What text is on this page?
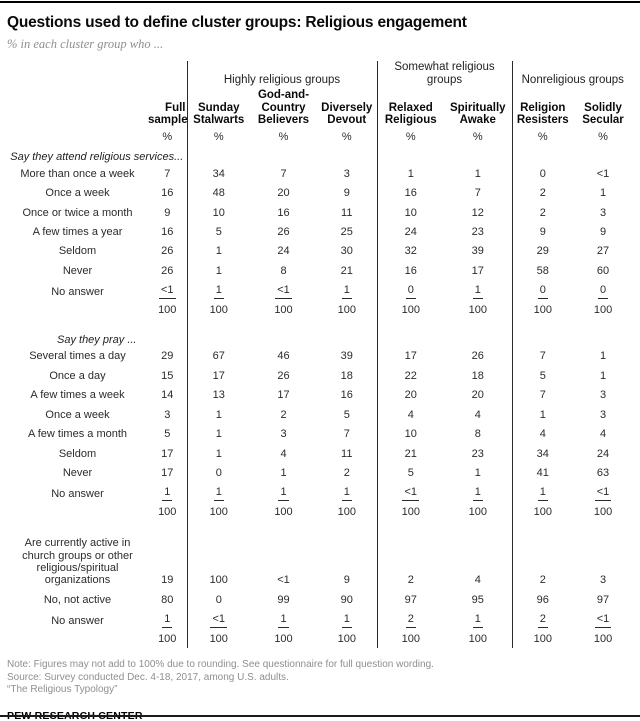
Questions used to define cluster groups: Religious engagement
% in each cluster group who ...
		Highly religious groups			Somewhat religious groups		Nonreligious groups	
	Full sample	Sunday Stalwarts	God-and-Country Believers	Diversely Devout	Relaxed Religious	Spiritually Awake	Religion Resisters	Solidly Secular
	%	%	%	%	%	%	%	%
Say they attend religious services...								
More than once a week	7	34	7	3	1	1	0	<1
Once a week	16	48	20	9	16	7	2	1
Once or twice a month	9	10	16	11	10	12	2	3
A few times a year	16	5	26	25	24	23	9	9
Seldom	26	1	24	30	32	39	29	27
Never	26	1	8	21	16	17	58	60
No answer	<1	1	<1	1	0	1	0	0
	100	100	100	100	100	100	100	100

Say they pray ...								
Several times a day	29	67	46	39	17	26	7	1
Once a day	15	17	26	18	22	18	5	1
A few times a week	14	13	17	16	20	20	7	3
Once a week	3	1	2	5	4	4	1	3
A few times a month	5	1	3	7	10	8	4	4
Seldom	17	1	4	11	21	23	34	24
Never	17	0	1	2	5	1	41	63
No answer	1	1	1	1	<1	1	1	<1
	100	100	100	100	100	100	100	100

Are currently active in church groups or other religious/spiritual organizations	19	100	<1	9	2	4	2	3
No, not active	80	0	99	90	97	95	96	97
No answer	1	<1	1	1	2	1	2	<1
	100	100	100	100	100	100	100	100
Note: Figures may not add to 100% due to rounding. See questionnaire for full question wording.
Source: Survey conducted Dec. 4-18, 2017, among U.S. adults.
“The Religious Typology”
